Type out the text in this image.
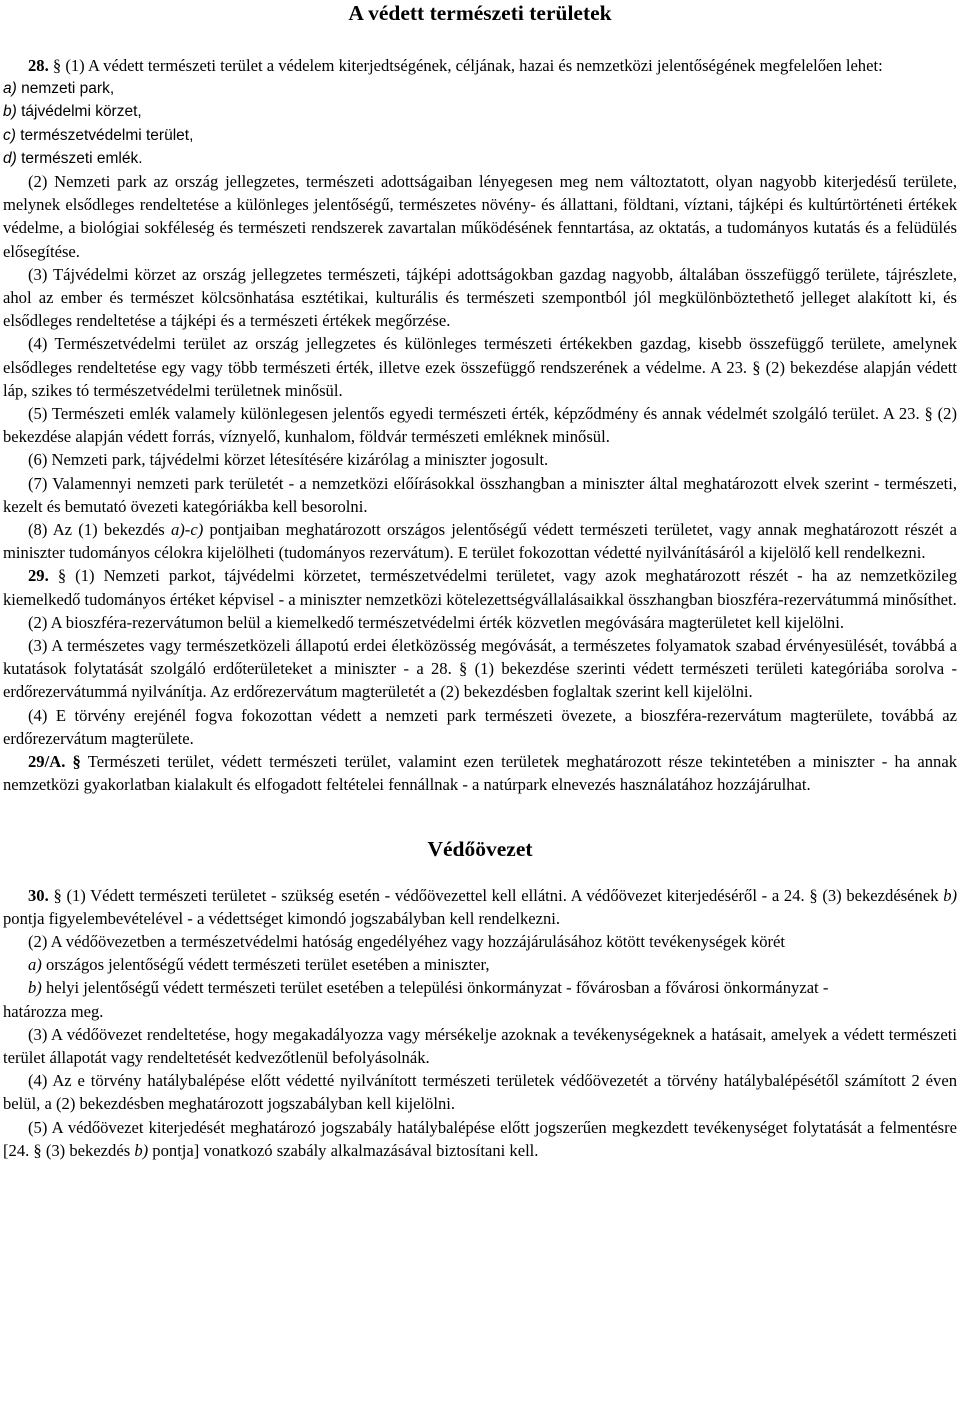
A védett természeti területek

28. § (1) A védett természeti terület a védelem kiterjedtségének, céljának, hazai és nemzetközi jelentőségének megfelelően lehet:

a) nemzeti park,

b) tájvédelmi körzet,

c) természetvédelmi terület,

d) természeti emlék.

(2) Nemzeti park az ország jellegzetes, természeti adottságaiban lényegesen meg nem változtatott, olyan nagyobb kiterjedésű területe, melynek elsődleges rendeltetése a különleges jelentőségű, természetes növény- és állattani, földtani, víztani, tájképi és kultúrtörténeti értékek védelme, a biológiai sokféleség és természeti rendszerek zavartalan működésének fenntartása, az oktatás, a tudományos kutatás és a felüdülés elősegítése.

(3) Tájvédelmi körzet az ország jellegzetes természeti, tájképi adottságokban gazdag nagyobb, általában összefüggő területe, tájrészlete, ahol az ember és természet kölcsönhatása esztétikai, kulturális és természeti szempontból jól megkülönböztethető jelleget alakított ki, és elsődleges rendeltetése a tájképi és a természeti értékek megőrzése.

(4) Természetvédelmi terület az ország jellegzetes és különleges természeti értékekben gazdag, kisebb összefüggő területe, amelynek elsődleges rendeltetése egy vagy több természeti érték, illetve ezek összefüggő rendszerének a védelme. A 23. § (2) bekezdése alapján védett láp, szikes tó természetvédelmi területnek minősül.

(5) Természeti emlék valamely különlegesen jelentős egyedi természeti érték, képződmény és annak védelmét szolgáló terület. A 23. § (2) bekezdése alapján védett forrás, víznyelő, kunhalom, földvár természeti emléknek minősül.

(6) Nemzeti park, tájvédelmi körzet létesítésére kizárólag a miniszter jogosult.

(7) Valamennyi nemzeti park területét - a nemzetközi előírásokkal összhangban a miniszter által meghatározott elvek szerint - természeti, kezelt és bemutató övezeti kategóriákba kell besorolni.

(8) Az (1) bekezdés a)-c) pontjaiban meghatározott országos jelentőségű védett természeti területet, vagy annak meghatározott részét a miniszter tudományos célokra kijelölheti (tudományos rezervátum). E terület fokozottan védetté nyilvánításáról a kijelölő kell rendelkezni.

29. § (1) Nemzeti parkot, tájvédelmi körzetet, természetvédelmi területet, vagy azok meghatározott részét - ha az nemzetközileg kiemelkedő tudományos értéket képvisel - a miniszter nemzetközi kötelezettségvállalásaikkal összhangban bioszféra-rezervátummá minősíthet.

(2) A bioszféra-rezervátumon belül a kiemelkedő természetvédelmi érték közvetlen megóvására magterületet kell kijelölni.

(3) A természetes vagy természetközeli állapotú erdei életközösség megóvását, a természetes folyamatok szabad érvényesülését, továbbá a kutatások folytatását szolgáló erdőterületeket a miniszter - a 28. § (1) bekezdése szerinti védett természeti területi kategóriába sorolva - erdőrezervátummá nyilvánítja. Az erdőrezervátum magterületét a (2) bekezdésben foglaltak szerint kell kijelölni.

(4) E törvény erejénél fogva fokozottan védett a nemzeti park természeti övezete, a bioszféra-rezervátum magterülete, továbbá az erdőrezervátum magterülete.

29/A. § Természeti terület, védett természeti terület, valamint ezen területek meghatározott része tekintetében a miniszter - ha annak nemzetközi gyakorlatban kialakult és elfogadott feltételei fennállnak - a natúrpark elnevezés használatához hozzájárulhat.

Védőövezet

30. § (1) Védett természeti területet - szükség esetén - védőövezettel kell ellátni. A védőövezet kiterjedéséről - a 24. § (3) bekezdésének b) pontja figyelembevételével - a védettséget kimondó jogszabályban kell rendelkezni.

(2) A védőövezetben a természetvédelmi hatóság engedélyéhez vagy hozzájárulásához kötött tevékenységek körét

a) országos jelentőségű védett természeti terület esetében a miniszter,

b) helyi jelentőségű védett természeti terület esetében a települési önkormányzat - fővárosban a fővárosi önkormányzat -

határozza meg.

(3) A védőövezet rendeltetése, hogy megakadályozza vagy mérsékelje azoknak a tevékenységeknek a hatásait, amelyek a védett természeti terület állapotát vagy rendeltetését kedvezőtlenül befolyásolnák.

(4) Az e törvény hatálybalépése előtt védetté nyilvánított természeti területek védőövezetét a törvény hatálybalépésétől számított 2 éven belül, a (2) bekezdésben meghatározott jogszabályban kell kijelölni.

(5) A védőövezet kiterjedését meghatározó jogszabály hatálybalépése előtt jogszerűen megkezdett tevékenységet folytatását a felmentésre [24. § (3) bekezdés b) pontja] vonatkozó szabály alkalmazásával biztosítani kell.
